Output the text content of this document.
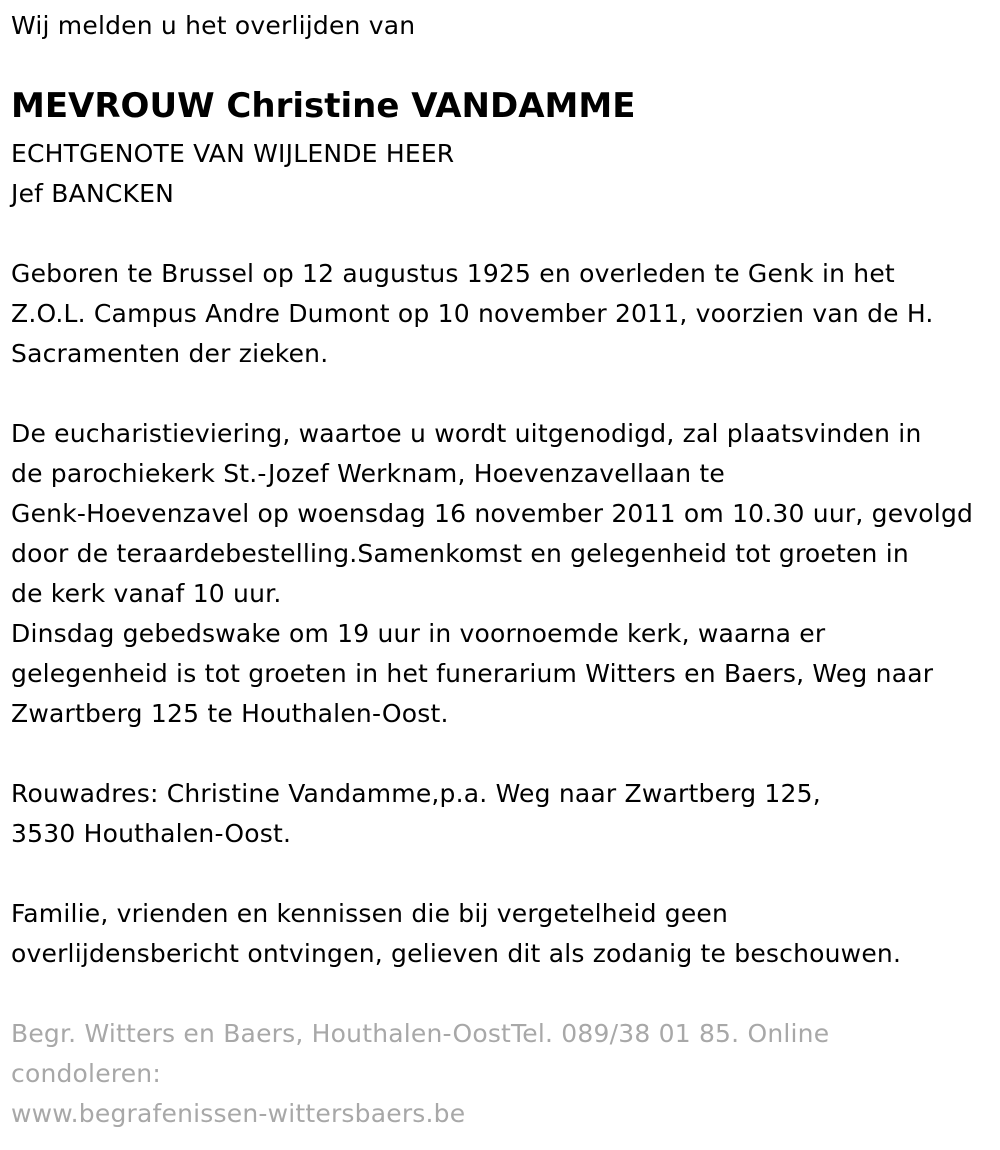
Wij melden u het overlijden van
MEVROUW Christine VANDAMME
ECHTGENOTE VAN WIJLENDE HEER
Jef BANCKEN
Geboren te Brussel op 12 augustus 1925 en overleden te Genk in het
Z.O.L. Campus Andre Dumont op 10 november 2011, voorzien van de H.
Sacramenten der zieken.
De eucharistieviering, waartoe u wordt uitgenodigd, zal plaatsvinden in
de parochiekerk St.-Jozef Werknam, Hoevenzavellaan te
Genk-Hoevenzavel op woensdag 16 november 2011 om 10.30 uur, gevolgd
door de teraardebestelling.Samenkomst en gelegenheid tot groeten in
de kerk vanaf 10 uur.
Dinsdag gebedswake om 19 uur in voornoemde kerk, waarna er
gelegenheid is tot groeten in het funerarium Witters en Baers, Weg naar
Zwartberg 125 te Houthalen-Oost.
Rouwadres: Christine Vandamme,p.a. Weg naar Zwartberg 125,
3530 Houthalen-Oost.
Familie, vrienden en kennissen die bij vergetelheid geen
overlijdensbericht ontvingen, gelieven dit als zodanig te beschouwen.
Begr. Witters en Baers, Houthalen-OostTel. 089/38 01 85. Online
condoleren:
www.begrafenissen-wittersbaers.be
